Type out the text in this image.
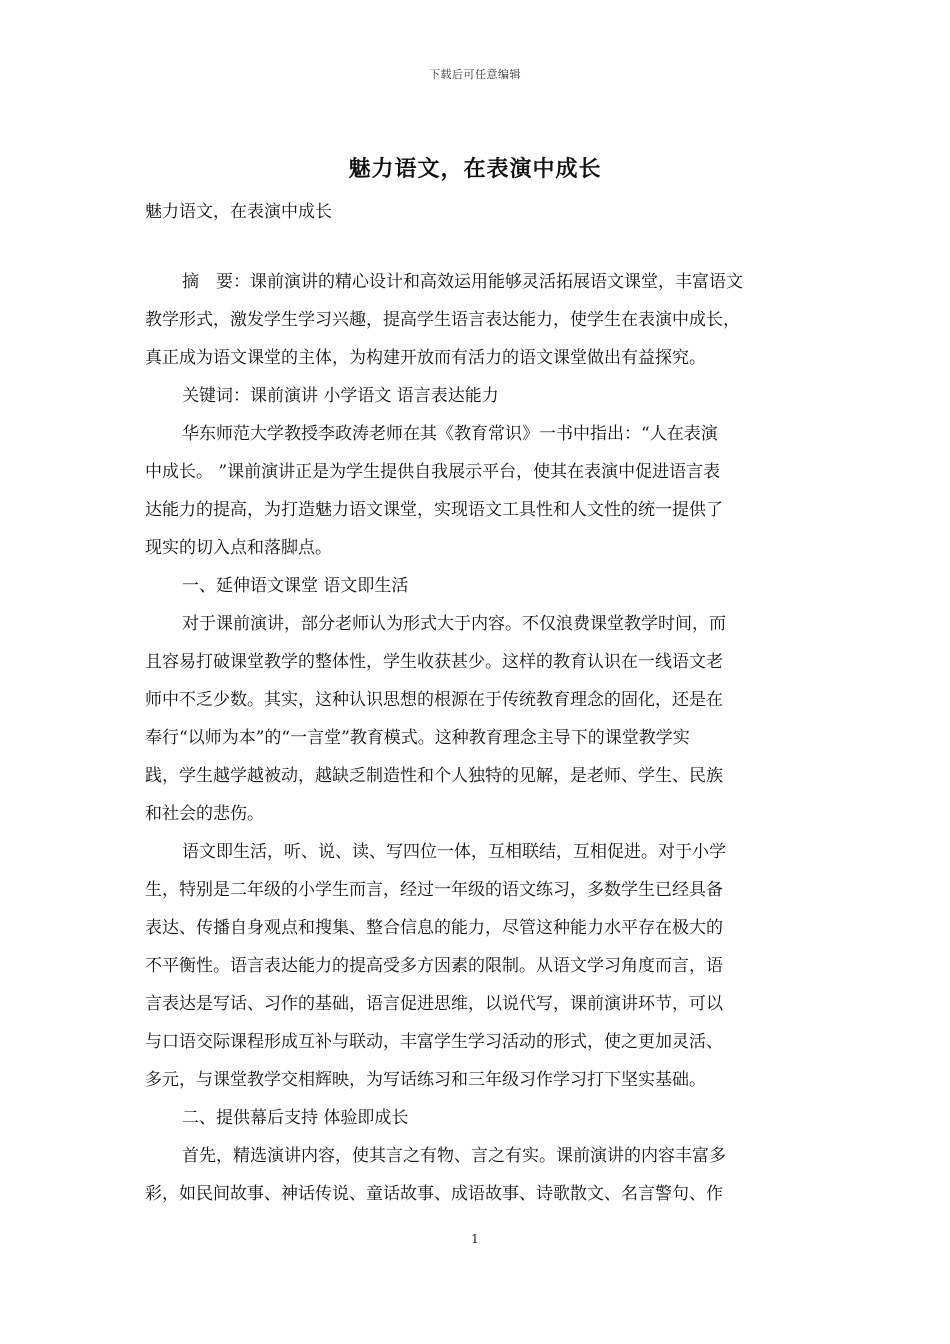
下载后可任意编辑
魅力语文，在表演中成长
魅力语文，在表演中成长
摘　要：课前演讲的精心设计和高效运用能够灵活拓展语文课堂，丰富语文
教学形式，激发学生学习兴趣，提高学生语言表达能力，使学生在表演中成长，
真正成为语文课堂的主体，为构建开放而有活力的语文课堂做出有益探究。
关键词：课前演讲 小学语文 语言表达能力
华东师范大学教授李政涛老师在其《教育常识》一书中指出：“人在表演
中成长。 ”课前演讲正是为学生提供自我展示平台，使其在表演中促进语言表
达能力的提高，为打造魅力语文课堂，实现语文工具性和人文性的统一提供了
现实的切入点和落脚点。
一、延伸语文课堂 语文即生活
对于课前演讲，部分老师认为形式大于内容。不仅浪费课堂教学时间，而
且容易打破课堂教学的整体性，学生收获甚少。这样的教育认识在一线语文老
师中不乏少数。其实，这种认识思想的根源在于传统教育理念的固化，还是在
奉行“以师为本”的“一言堂”教育模式。这种教育理念主导下的课堂教学实
践，学生越学越被动，越缺乏制造性和个人独特的见解，是老师、学生、民族
和社会的悲伤。
语文即生活，听、说、读、写四位一体，互相联结，互相促进。对于小学
生，特别是二年级的小学生而言，经过一年级的语文练习，多数学生已经具备
表达、传播自身观点和搜集、整合信息的能力，尽管这种能力水平存在极大的
不平衡性。语言表达能力的提高受多方因素的限制。从语文学习角度而言，语
言表达是写话、习作的基础，语言促进思维，以说代写，课前演讲环节，可以
与口语交际课程形成互补与联动，丰富学生学习活动的形式，使之更加灵活、
多元，与课堂教学交相辉映，为写话练习和三年级习作学习打下坚实基础。
二、提供幕后支持 体验即成长
首先，精选演讲内容，使其言之有物、言之有实。课前演讲的内容丰富多
彩，如民间故事、神话传说、童话故事、成语故事、诗歌散文、名言警句、作
1
